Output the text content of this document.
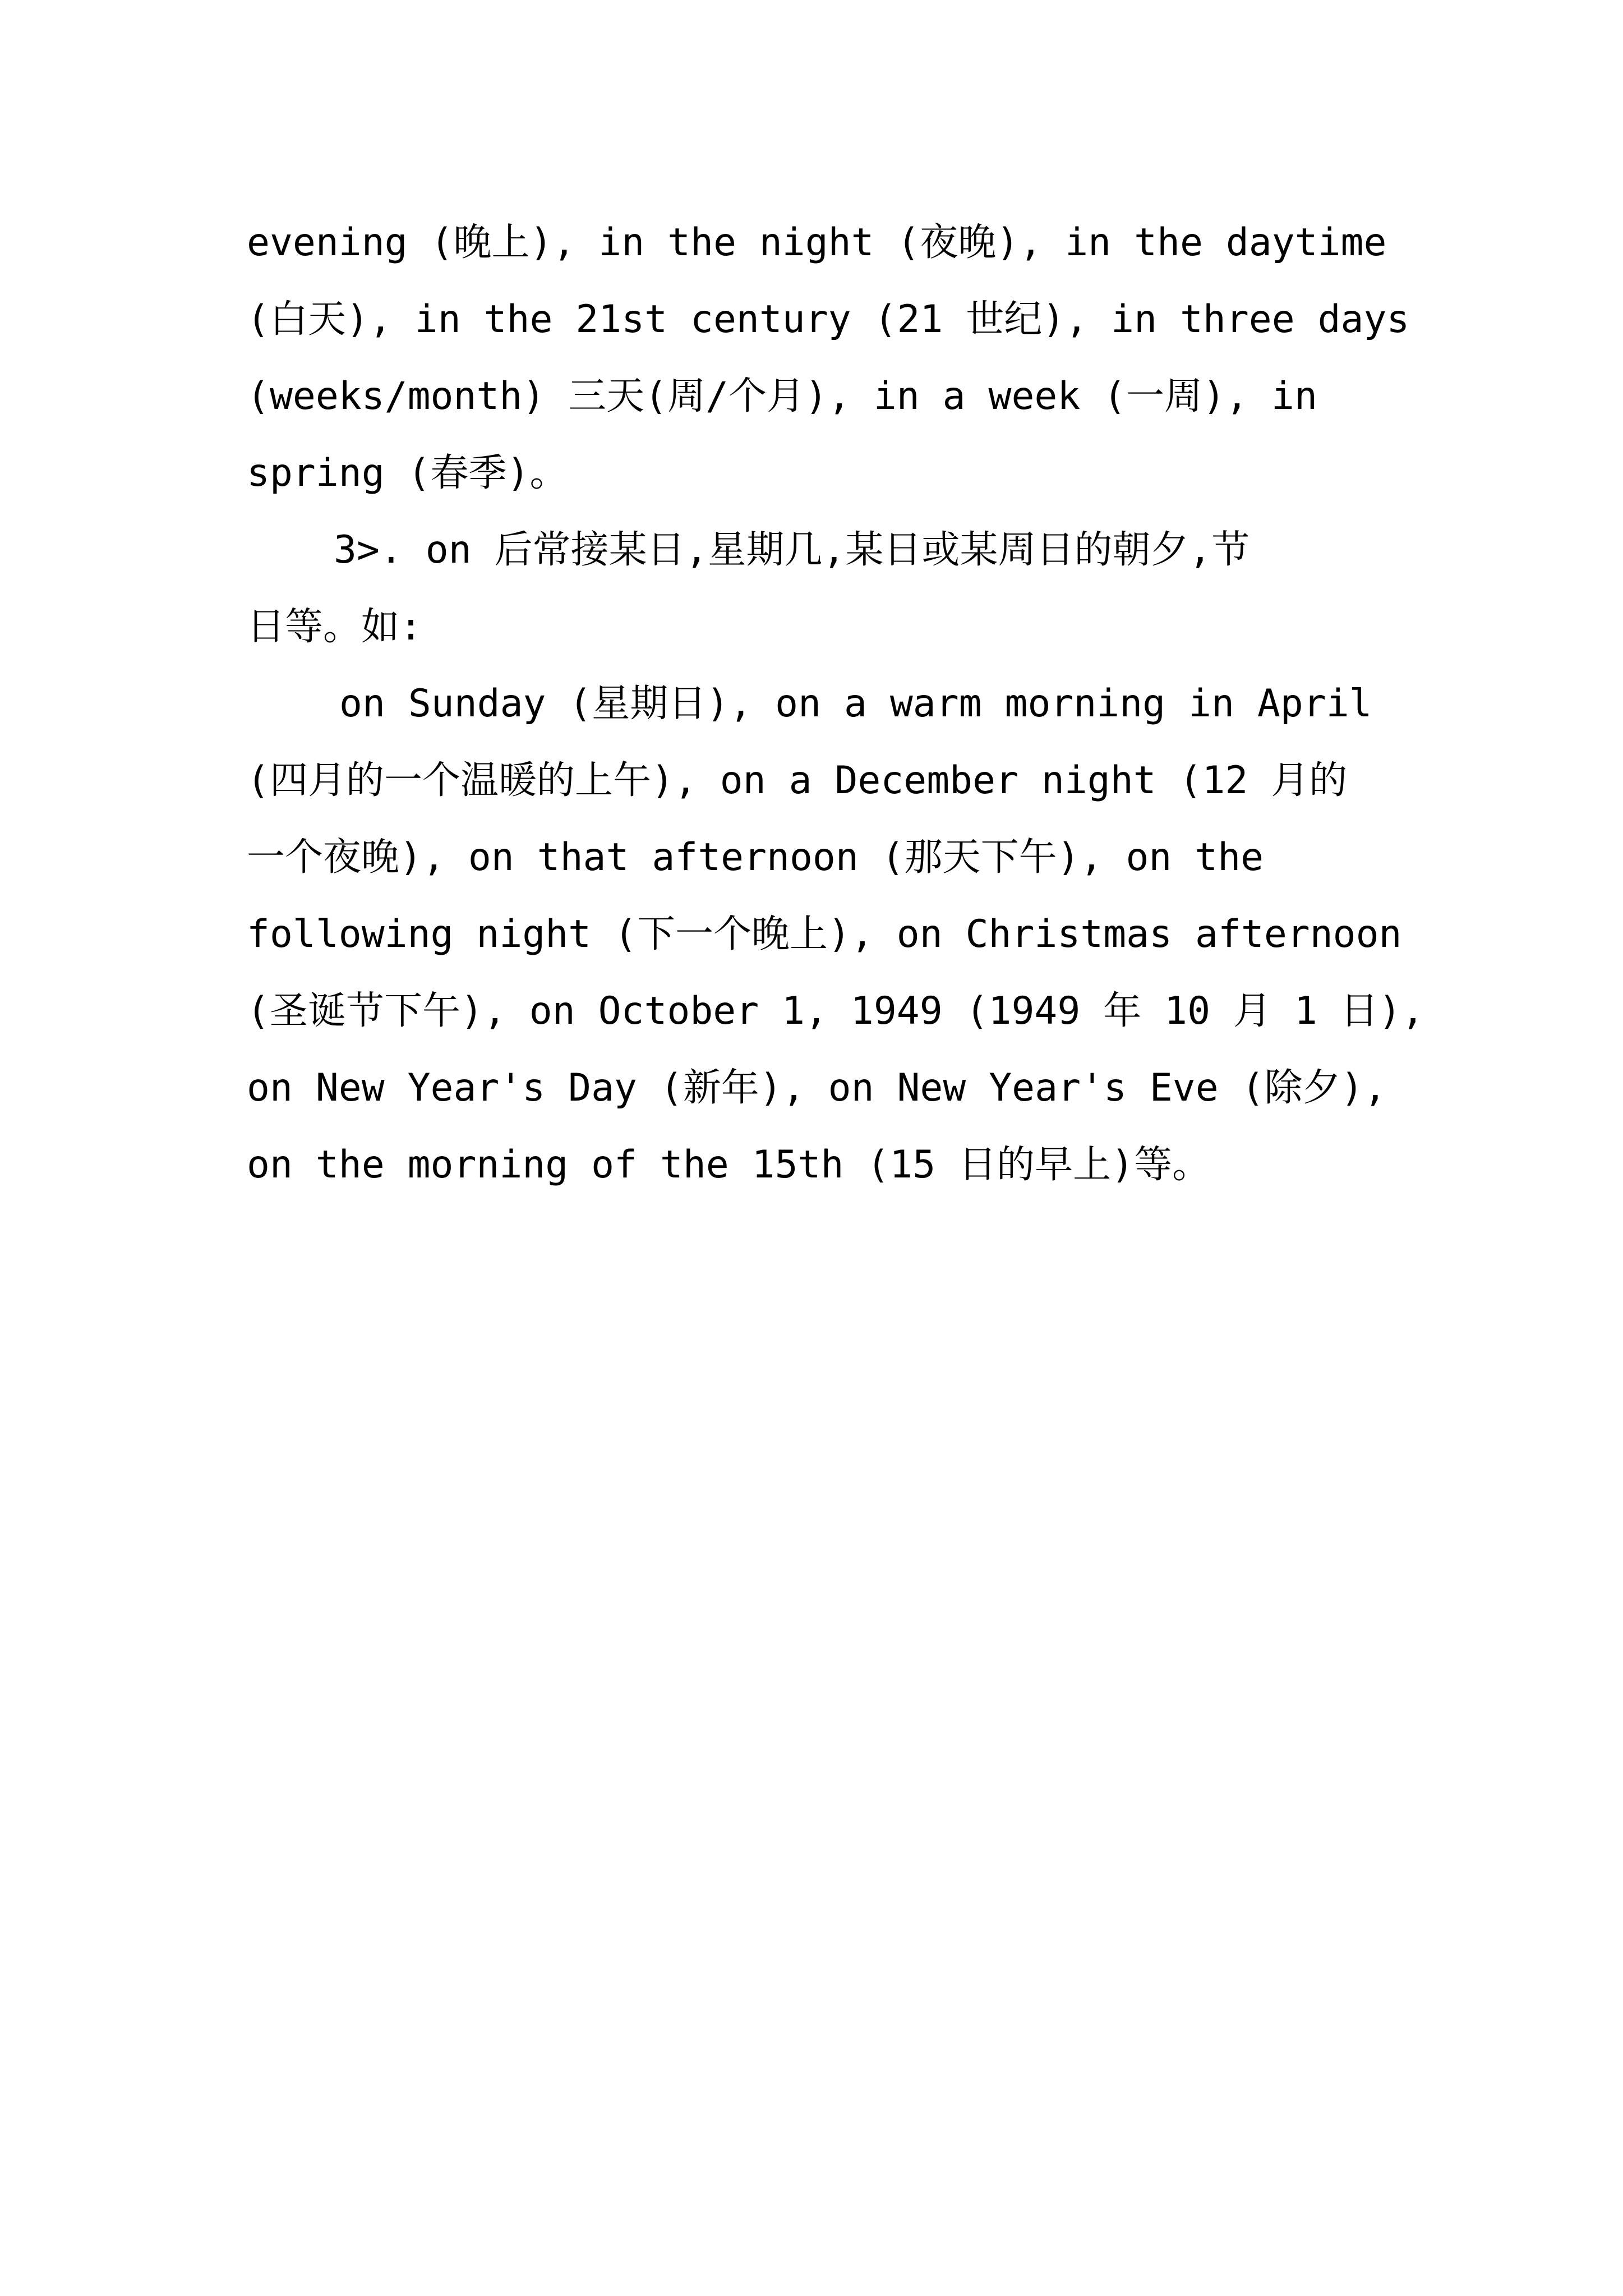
evening (晚上), in the night (夜晚), in the daytime
(白天), in the 21st century (21 世纪), in three days
(weeks/month) 三天(周/个月), in a week (一周), in
spring (春季)。
3>. on 后常接某日,星期几,某日或某周日的朝夕,节
日等。如:
on Sunday (星期日), on a warm morning in April
(四月的一个温暖的上午), on a December night (12 月的
一个夜晚), on that afternoon (那天下午), on the
following night (下一个晚上), on Christmas afternoon
(圣诞节下午), on October 1, 1949 (1949 年 10 月 1 日),
on New Year's Day (新年), on New Year's Eve (除夕),
on the morning of the 15th (15 日的早上)等。
